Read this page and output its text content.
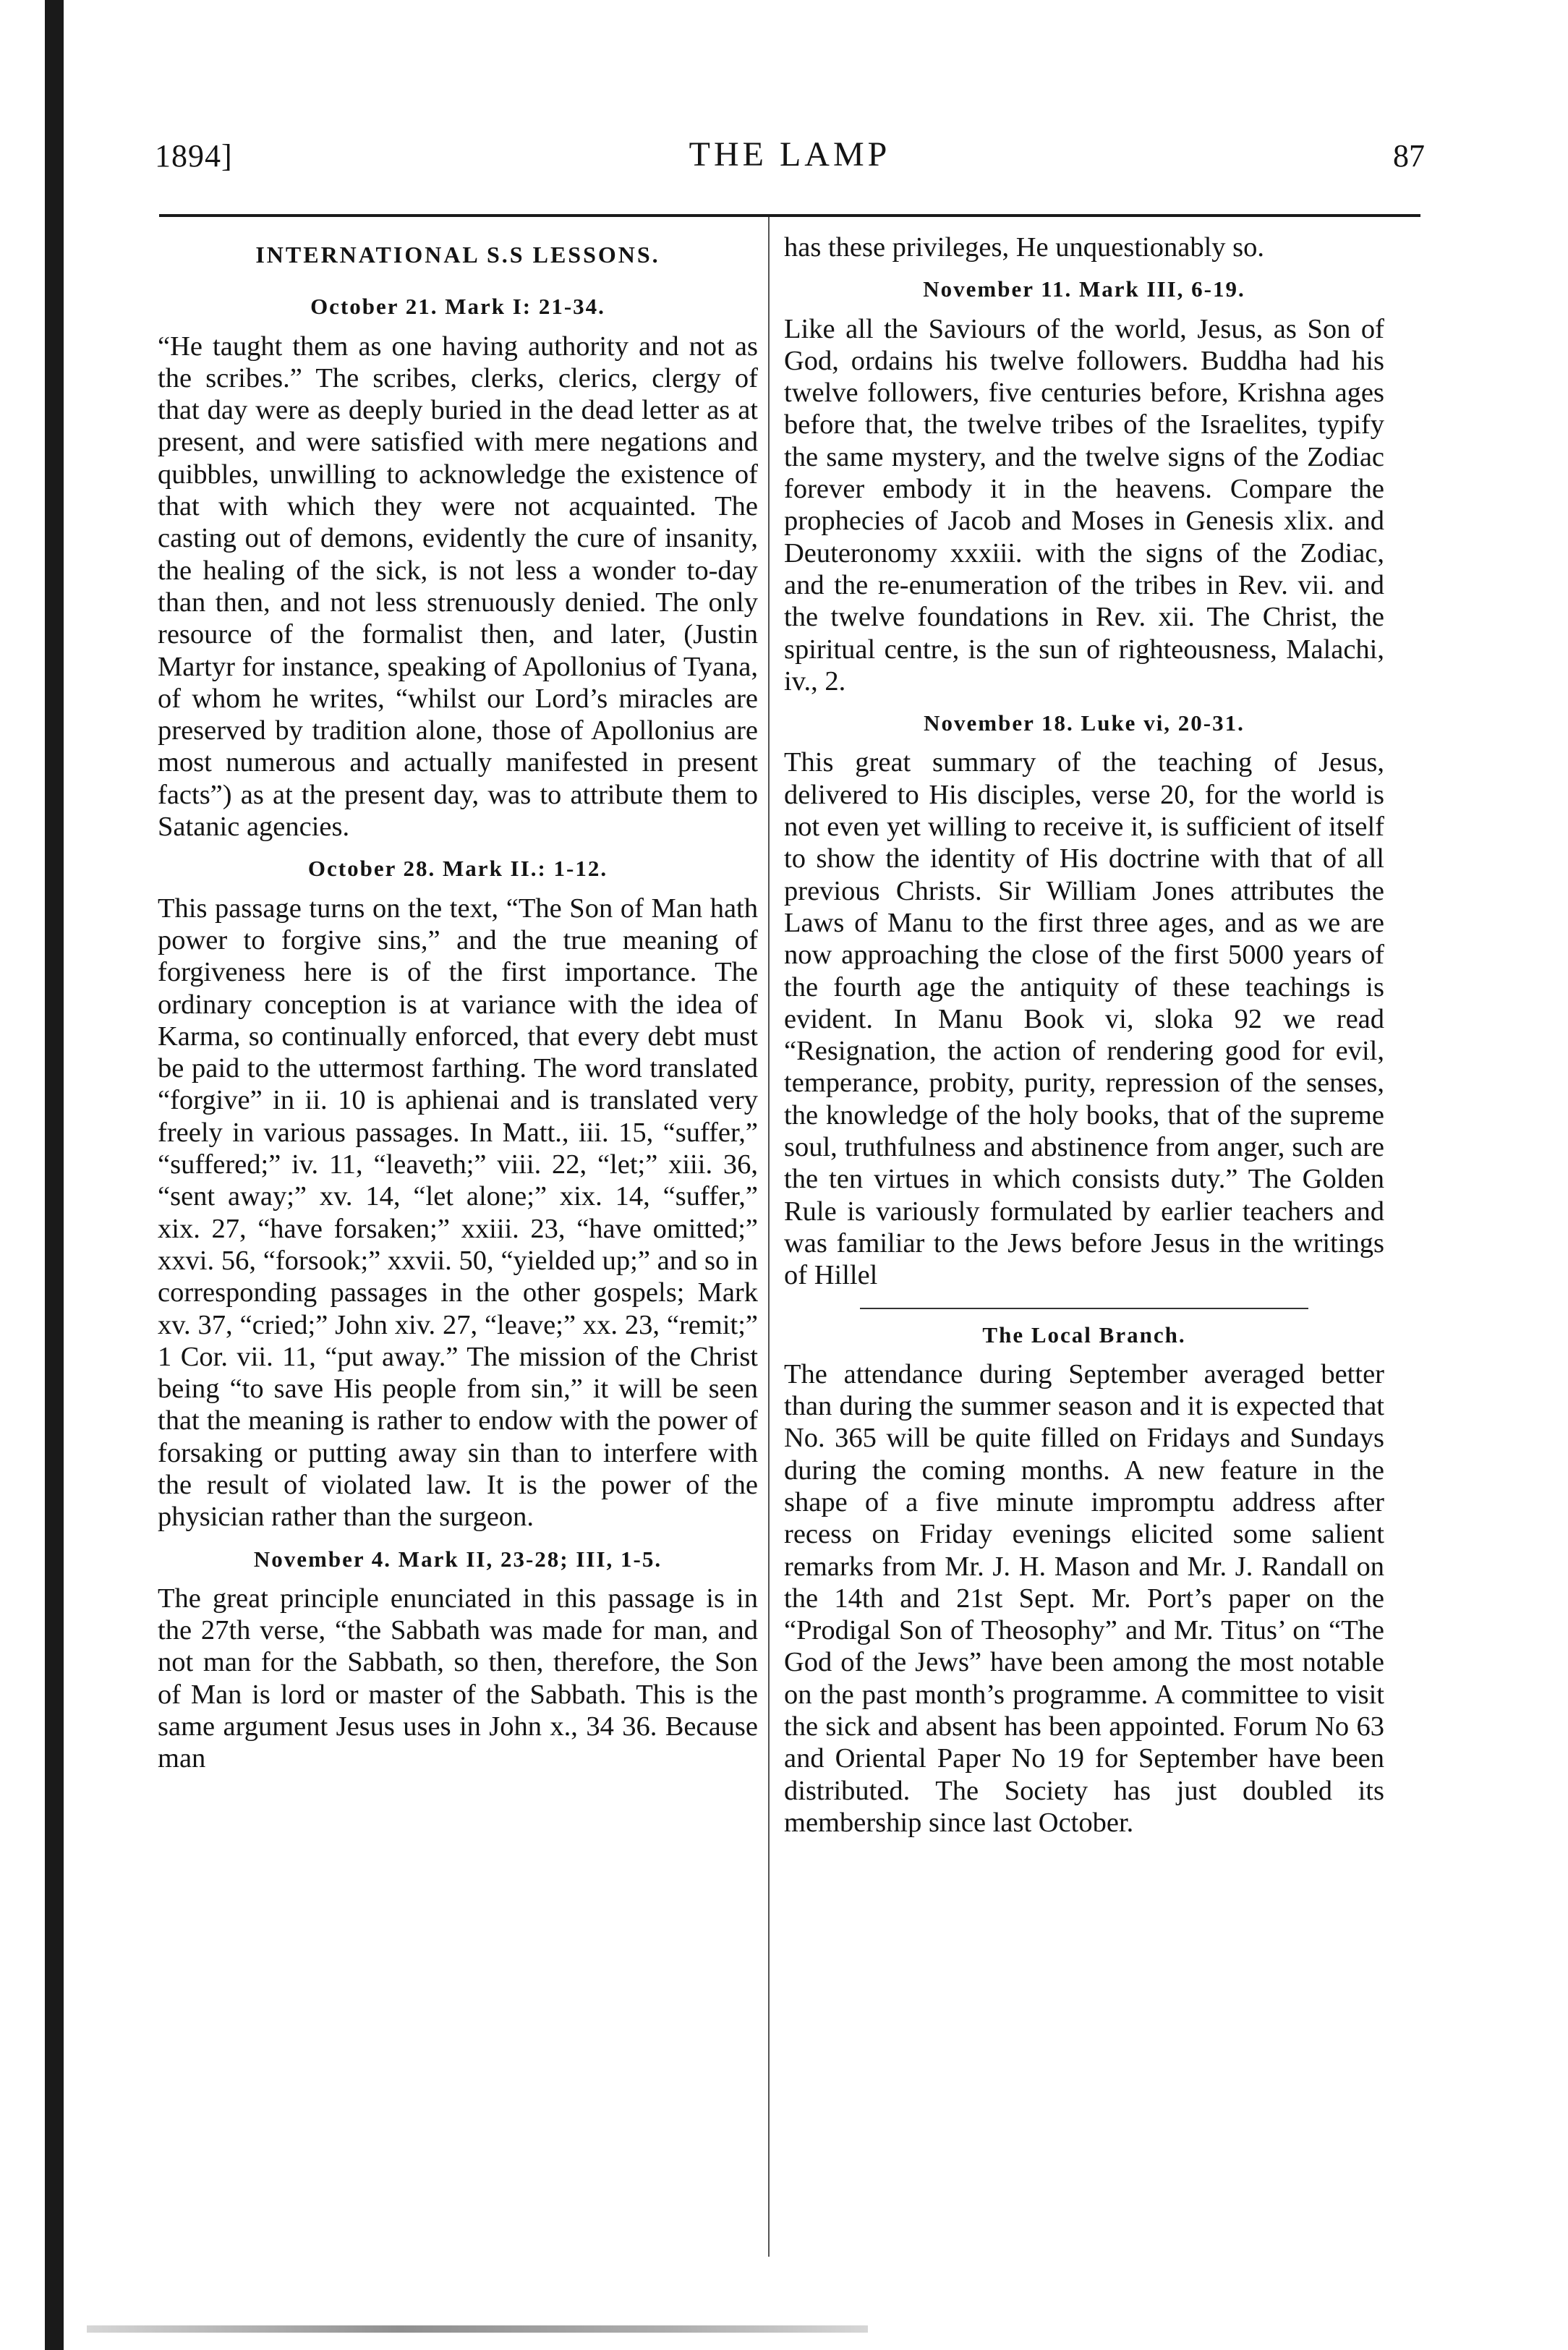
1894]	THE LAMP	87
INTERNATIONAL S.S LESSONS.
October 21. Mark I: 21-34.

“He taught them as one having authority and not as the scribes.” The scribes, clerks, clerics, clergy of that day were as deeply buried in the dead letter as at present, and were satisfied with mere negations and quibbles, unwilling to acknowledge the existence of that with which they were not acquainted. The casting out of demons, evidently the cure of insanity, the healing of the sick, is not less a wonder to-day than then, and not less strenuously denied. The only resource of the formalist then, and later, (Justin Martyr for instance, speaking of Apollonius of Tyana, of whom he writes, “whilst our Lord’s miracles are preserved by tradition alone, those of Apollonius are most numerous and actually manifested in present facts”) as at the present day, was to attribute them to Satanic agencies.

October 28. Mark II.: 1-12.

This passage turns on the text, “The Son of Man hath power to forgive sins,” and the true meaning of forgiveness here is of the first importance. The ordinary conception is at variance with the idea of Karma, so continually enforced, that every debt must be paid to the uttermost farthing. The word translated “forgive” in ii. 10 is aphienai and is translated very freely in various passages. In Matt., iii. 15, “suffer,” “suffered;” iv. 11, “leaveth;” viii. 22, “let;” xiii. 36, “sent away;” xv. 14, “let alone;” xix. 14, “suffer,” xix. 27, “have forsaken;” xxiii. 23, “have omitted;” xxvi. 56, “forsook;” xxvii. 50, “yielded up;” and so in corresponding passages in the other gospels; Mark xv. 37, “cried;” John xiv. 27, “leave;” xx. 23, “remit;” 1 Cor. vii. 11, “put away.” The mission of the Christ being “to save His people from sin,” it will be seen that the meaning is rather to endow with the power of forsaking or putting away sin than to interfere with the result of violated law. It is the power of the physician rather than the surgeon.

November 4. Mark II, 23-28; III, 1-5.

The great principle enunciated in this passage is in the 27th verse, “the Sabbath was made for man, and not man for the Sabbath, so then, therefore, the Son of Man is lord or master of the Sabbath. This is the same argument Jesus uses in John x., 34 36. Because man

has these privileges, He unquestionably so.

November 11. Mark III, 6-19.

Like all the Saviours of the world, Jesus, as Son of God, ordains his twelve followers. Buddha had his twelve followers, five centuries before, Krishna ages before that, the twelve tribes of the Israelites, typify the same mystery, and the twelve signs of the Zodiac forever embody it in the heavens. Compare the prophecies of Jacob and Moses in Genesis xlix. and Deuteronomy xxxiii. with the signs of the Zodiac, and the re-enumeration of the tribes in Rev. vii. and the twelve foundations in Rev. xii. The Christ, the spiritual centre, is the sun of righteousness, Malachi, iv., 2.

November 18. Luke vi, 20-31.

This great summary of the teaching of Jesus, delivered to His disciples, verse 20, for the world is not even yet willing to receive it, is sufficient of itself to show the identity of His doctrine with that of all previous Christs. Sir William Jones attributes the Laws of Manu to the first three ages, and as we are now approaching the close of the first 5000 years of the fourth age the antiquity of these teachings is evident. In Manu Book vi, sloka 92 we read “Resignation, the action of rendering good for evil, temperance, probity, purity, repression of the senses, the knowledge of the holy books, that of the supreme soul, truthfulness and abstinence from anger, such are the ten virtues in which consists duty.” The Golden Rule is variously formulated by earlier teachers and was familiar to the Jews before Jesus in the writings of Hillel

The Local Branch.

The attendance during September averaged better than during the summer season and it is expected that No. 365 will be quite filled on Fridays and Sundays during the coming months. A new feature in the shape of a five minute impromptu address after recess on Friday evenings elicited some salient remarks from Mr. J. H. Mason and Mr. J. Randall on the 14th and 21st Sept. Mr. Port’s paper on the “Prodigal Son of Theosophy” and Mr. Titus’ on “The God of the Jews” have been among the most notable on the past month’s programme. A committee to visit the sick and absent has been appointed. Forum No 63 and Oriental Paper No 19 for September have been distributed. The Society has just doubled its membership since last October.
